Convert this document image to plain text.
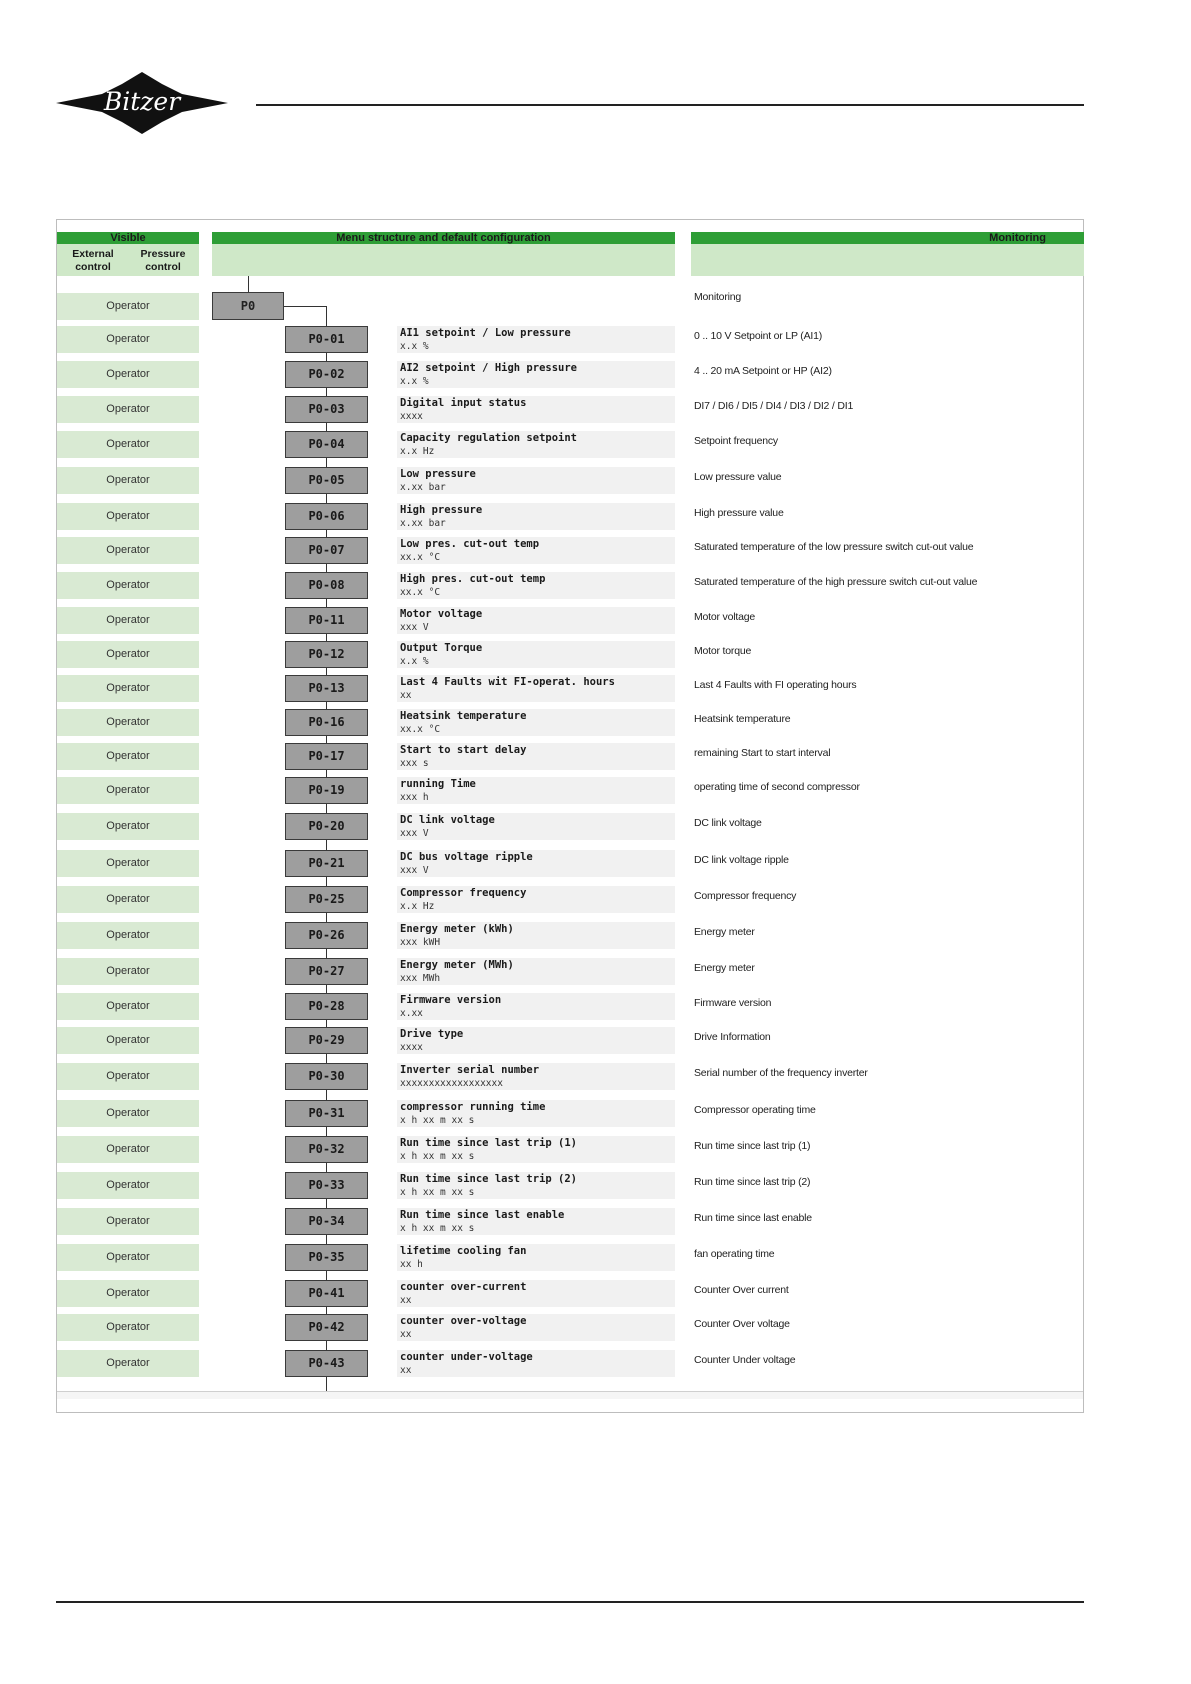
Bitzer
Visible	Menu structure and default configuration	Monitoring
External
control
Pressure
control
Operator	P0
Monitoring
Operator	P0-01	AI1 setpoint / Low pressure
x.x %
0 .. 10 V Setpoint or LP (AI1)
Operator	P0-02	AI2 setpoint / High pressure
x.x %
4 .. 20 mA Setpoint or HP (AI2)
Operator	P0-03	Digital input status
xxxx
DI7 / DI6 / DI5 / DI4 / DI3 / DI2 / DI1
Operator	P0-04	Capacity regulation setpoint
x.x Hz
Setpoint frequency
Operator	P0-05	Low pressure
x.xx bar
Low pressure value
Operator	P0-06	High pressure
x.xx bar
High pressure value
Operator	P0-07	Low pres. cut-out temp
xx.x °C
Saturated temperature of the low pressure switch cut-out value
Operator	P0-08	High pres. cut-out temp
xx.x °C
Saturated temperature of the high pressure switch cut-out value
Operator	P0-11	Motor voltage
xxx V
Motor voltage
Operator	P0-12	Output Torque
x.x %
Motor torque
Operator	P0-13	Last 4 Faults wit FI-operat. hours
xx
Last 4 Faults with FI operating hours
Operator	P0-16	Heatsink temperature
xx.x °C
Heatsink temperature
Operator	P0-17	Start to start delay
xxx s
remaining Start to start interval
Operator	P0-19	running Time
xxx h
operating time of second compressor
Operator	P0-20	DC link voltage
xxx V
DC link voltage
Operator	P0-21	DC bus voltage ripple
xxx V
DC link voltage ripple
Operator	P0-25	Compressor frequency
x.x Hz
Compressor frequency
Operator	P0-26	Energy meter (kWh)
xxx kWH
Energy meter
Operator	P0-27	Energy meter (MWh)
xxx MWh
Energy meter
Operator	P0-28	Firmware version
x.xx
Firmware version
Operator	P0-29	Drive type
xxxx
Drive Information
Operator	P0-30	Inverter serial number
xxxxxxxxxxxxxxxxxx
Serial number of the frequency inverter
Operator	P0-31	compressor running time
x h xx m xx s
Compressor operating time
Operator	P0-32	Run time since last trip (1)
x h xx m xx s
Run time since last trip (1)
Operator	P0-33	Run time since last trip (2)
x h xx m xx s
Run time since last trip (2)
Operator	P0-34	Run time since last enable
x h xx m xx s
Run time since last enable
Operator	P0-35	lifetime cooling fan
xx h
fan operating time
Operator	P0-41	counter over-current
xx
Counter Over current
Operator	P0-42	counter over-voltage
xx
Counter Over voltage
Operator	P0-43	counter under-voltage
xx
Counter Under voltage
